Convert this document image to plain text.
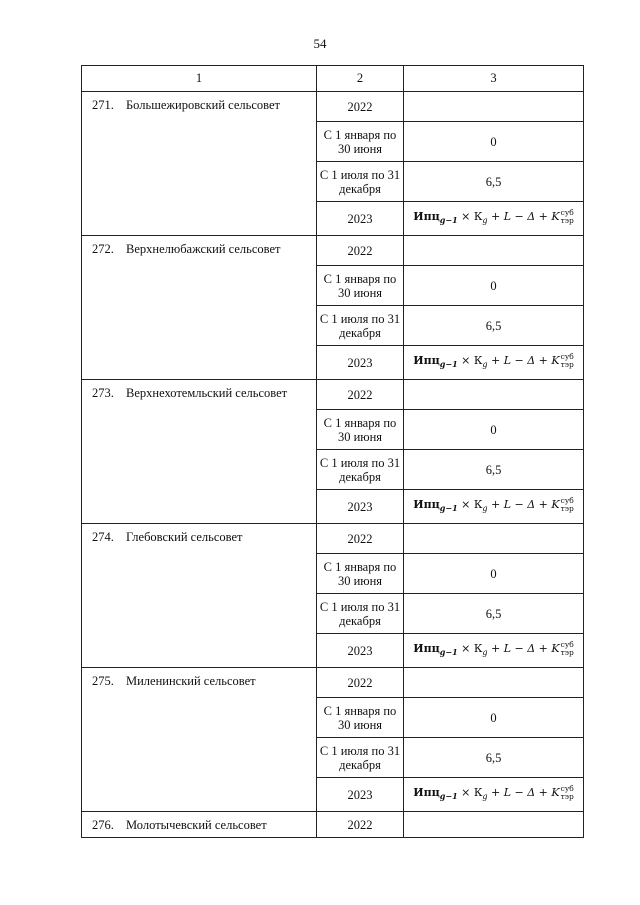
54
1	2	3
271. Большежировский сельсовет	2022	
	С 1 января по 30 июня	0
	С 1 июля по 31 декабря	6,5
	2023	$Ипц_{g-1} \times К_g + L - \Delta + K$ суб
тэр

272. Верхнелюбажский сельсовет	2022	
	С 1 января по 30 июня	0
	С 1 июля по 31 декабря	6,5
	2023	$Ипц_{g-1} \times К_g + L - \Delta + K$ суб
тэр

273. Верхнехотемльский сельсовет	2022	
	С 1 января по 30 июня	0
	С 1 июля по 31 декабря	6,5
	2023	$Ипц_{g-1} \times К_g + L - \Delta + K$ суб
тэр

274. Глебовский сельсовет	2022	
	С 1 января по 30 июня	0
	С 1 июля по 31 декабря	6,5
	2023	$Ипц_{g-1} \times К_g + L - \Delta + K$ суб
тэр

275. Миленинский сельсовет	2022	
	С 1 января по 30 июня	0
	С 1 июля по 31 декабря	6,5
	2023	$Ипц_{g-1} \times К_g + L - \Delta + K$ суб
тэр

276. Молотычевский сельсовет	2022	
